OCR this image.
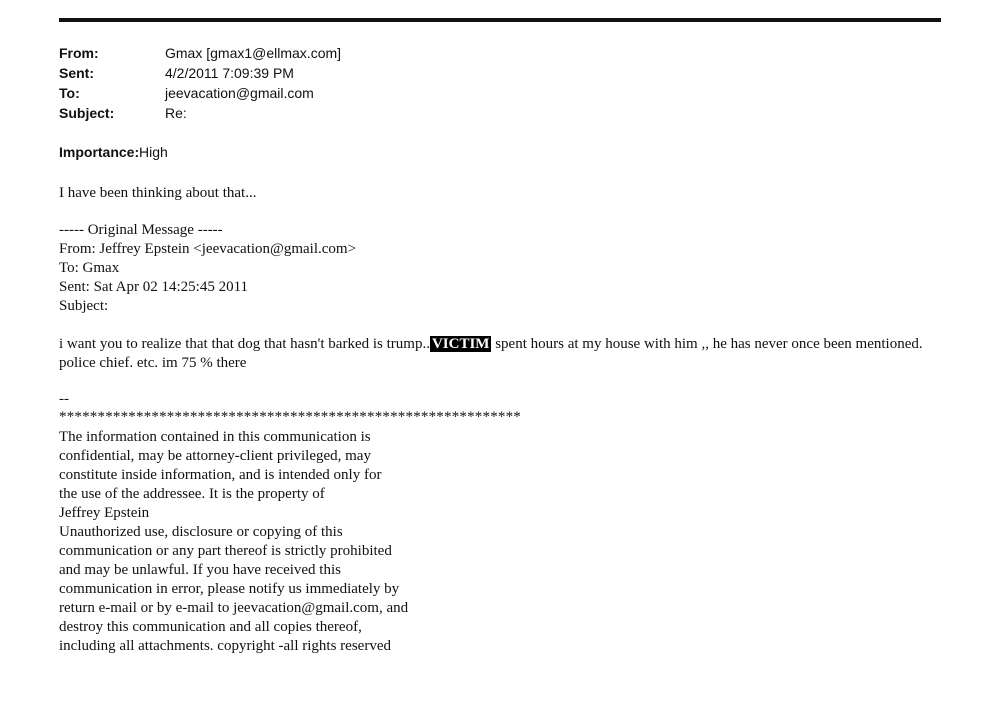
From:	Gmax [gmax1@ellmax.com]
Sent:	4/2/2011 7:09:39 PM
To:	jeevacation@gmail.com
Subject:	Re:
Importance: High
I have been thinking about that...
----- Original Message -----
From: Jeffrey Epstein <jeevacation@gmail.com>
To: Gmax
Sent: Sat Apr 02 14:25:45 2011
Subject:
i want you to realize that that dog that hasn't barked is trump.. VICTIM spent hours at my house with him ,, he has never once been mentioned. police chief. etc. im 75 % there
--
************************************************************
The information contained in this communication is
confidential, may be attorney-client privileged, may
constitute inside information, and is intended only for
the use of the addressee. It is the property of
Jeffrey Epstein
Unauthorized use, disclosure or copying of this
communication or any part thereof is strictly prohibited
and may be unlawful. If you have received this
communication in error, please notify us immediately by
return e-mail or by e-mail to jeevacation@gmail.com, and
destroy this communication and all copies thereof,
including all attachments. copyright -all rights reserved
